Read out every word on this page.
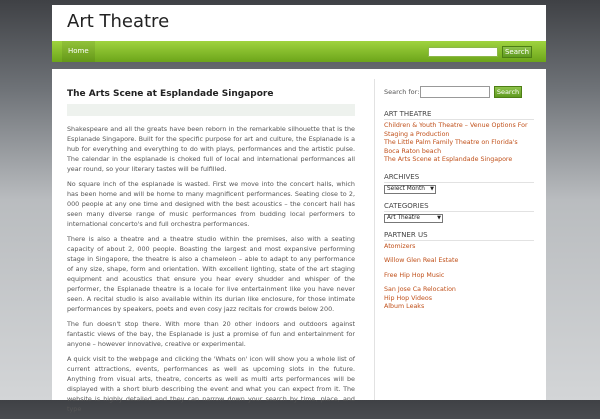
Art Theatre
Home	Search
The Arts Scene at Esplandade Singapore

Shakespeare and all the greats have been reborn in the remarkable silhouette that is the Esplanade Singapore. Built for the specific purpose for art and culture, the Esplanade is a hub for everything and everything to do with plays, performances and the artistic pulse. The calendar in the esplanade is choked full of local and international performances all year round, so your literary tastes will be fulfilled.

No square inch of the esplanade is wasted. First we move into the concert halls, which has been home and will be home to many magnificent performances. Seating close to 2, 000 people at any one time and designed with the best acoustics – the concert hall has seen many diverse range of music performances from budding local performers to international concerto's and full orchestra performances.

There is also a theatre and a theatre studio within the premises, also with a seating capacity of about 2, 000 people. Boasting the largest and most expansive performing stage in Singapore, the theatre is also a chameleon – able to adapt to any performance of any size, shape, form and orientation. With excellent lighting, state of the art staging equipment and acoustics that ensure you hear every shudder and whisper of the performer, the Esplanade theatre is a locale for live entertainment like you have never seen. A recital studio is also available within its durian like enclosure, for those intimate performances by speakers, poets and even cosy jazz recitals for crowds below 200.

The fun doesn't stop there. With more than 20 other indoors and outdoors against fantastic views of the bay, the Esplanade is just a promise of fun and entertainment for anyone – however innovative, creative or experimental.

A quick visit to the webpage and clicking the 'Whats on' icon will show you a whole list of current attractions, events, performances as well as upcoming slots in the future. Anything from visual arts, theatre, concerts as well as multi arts performances will be displayed with a short blurb describing the event and what you can expect from it. The website is highly detailed and they can narrow down your search by time, place, and type

Search for:	Search
ART THEATRE
Children & Youth Theatre – Venue Options For Staging a Production
The Little Palm Family Theatre on Florida's Boca Raton beach
The Arts Scene at Esplandade Singapore
ARCHIVES
Select Month ▼
CATEGORIES
Art Theatre	▼
PARTNER US
Atomizers
Willow Glen Real Estate
Free Hip Hop Music
San Jose Ca Relocation
Hip Hop Videos
Album Leaks
